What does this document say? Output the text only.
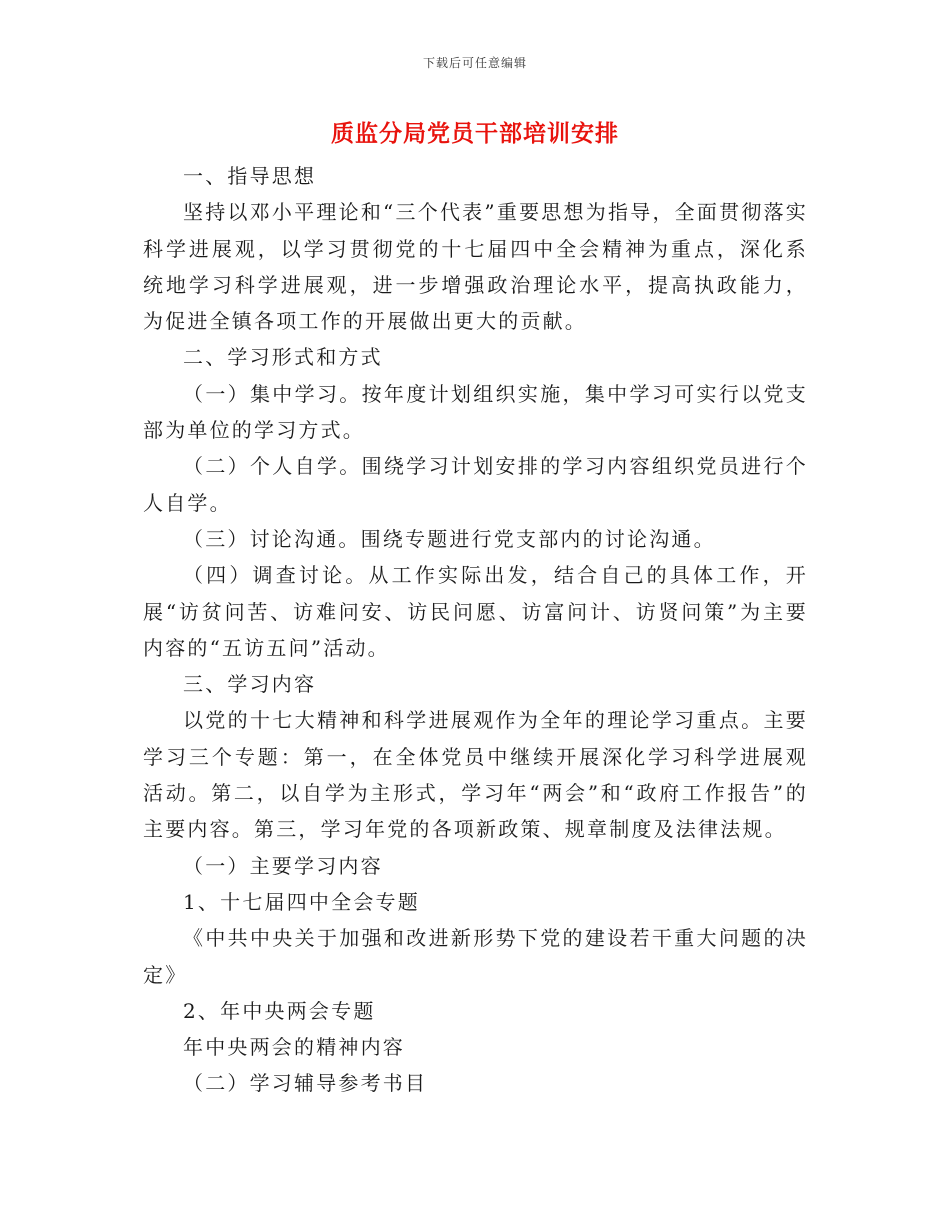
下载后可任意编辑
质监分局党员干部培训安排

一、指导思想

坚持以邓小平理论和“三个代表”重要思想为指导，全面贯彻落实科学进展观，以学习贯彻党的十七届四中全会精神为重点，深化系统地学习科学进展观，进一步增强政治理论水平，提高执政能力，为促进全镇各项工作的开展做出更大的贡献。

二、学习形式和方式

（一）集中学习。按年度计划组织实施，集中学习可实行以党支部为单位的学习方式。

（二）个人自学。围绕学习计划安排的学习内容组织党员进行个人自学。

（三）讨论沟通。围绕专题进行党支部内的讨论沟通。

（四）调查讨论。从工作实际出发，结合自己的具体工作，开展“访贫问苦、访难问安、访民问愿、访富问计、访贤问策”为主要内容的“五访五问”活动。

三、学习内容

以党的十七大精神和科学进展观作为全年的理论学习重点。主要学习三个专题：第一，在全体党员中继续开展深化学习科学进展观活动。第二，以自学为主形式，学习年“两会”和“政府工作报告”的主要内容。第三，学习年党的各项新政策、规章制度及法律法规。

（一）主要学习内容

1、十七届四中全会专题

《中共中央关于加强和改进新形势下党的建设若干重大问题的决定》

2、年中央两会专题

年中央两会的精神内容

（二）学习辅导参考书目
